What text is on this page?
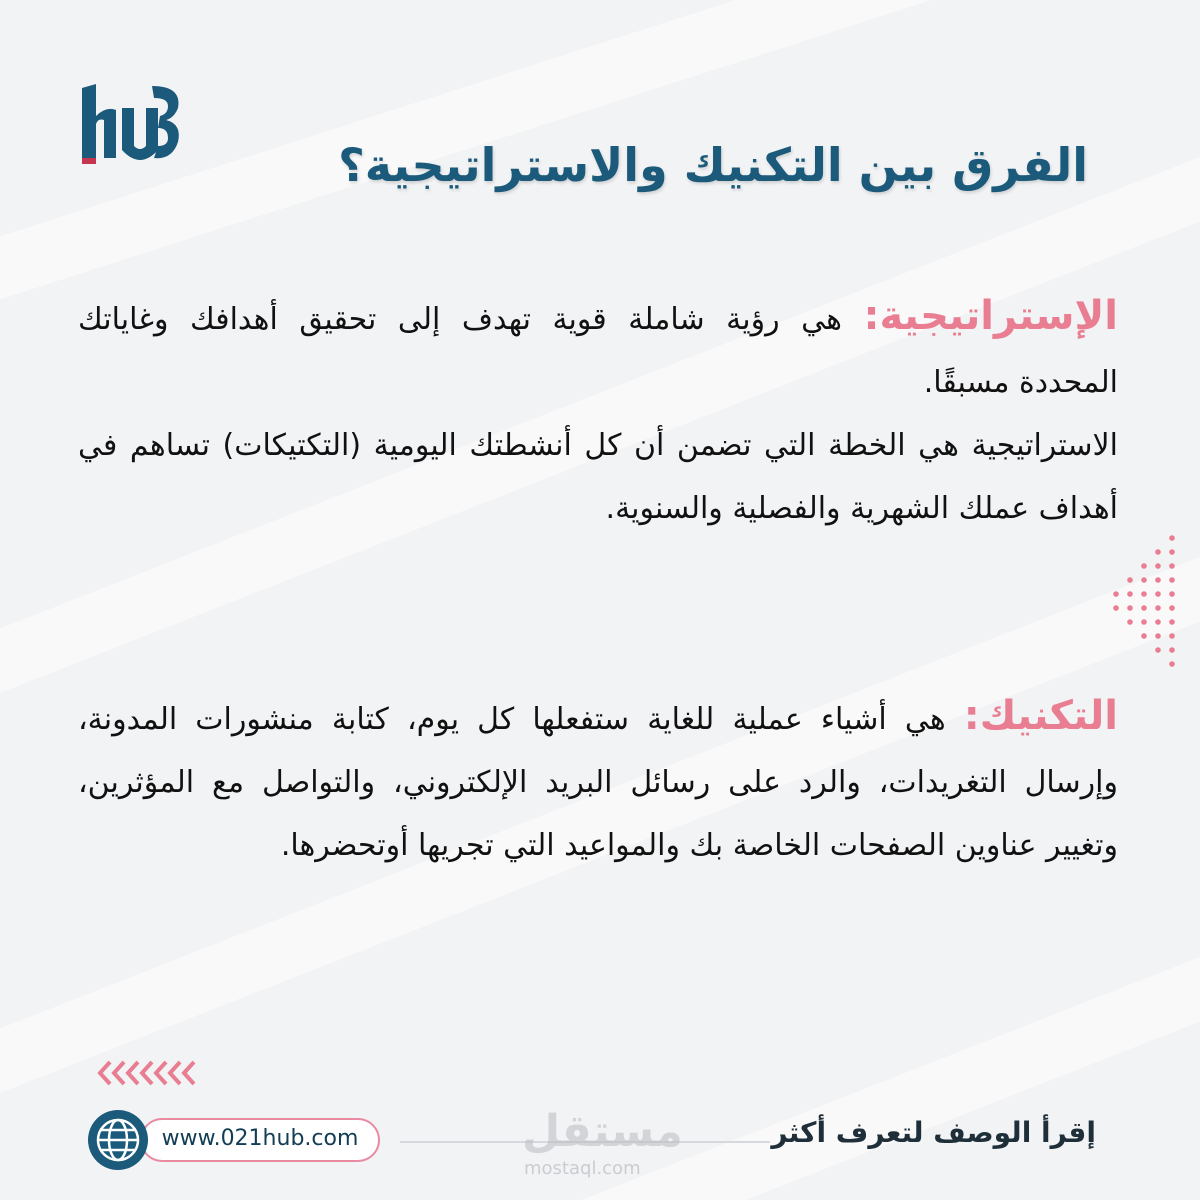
الفرق بين التكنيك والاستراتيجية؟
الإستراتيجية: هي رؤية شاملة قوية تهدف إلى تحقيق أهدافك وغاياتك المحددة مسبقًا.
الاستراتيجية هي الخطة التي تضمن أن كل أنشطتك اليومية (التكتيكات) تساهم في أهداف عملك الشهرية والفصلية والسنوية.
التكنيك: هي أشياء عملية للغاية ستفعلها كل يوم، كتابة منشورات المدونة، وإرسال التغريدات، والرد على رسائل البريد الإلكتروني، والتواصل مع المؤثرين، وتغيير عناوين الصفحات الخاصة بك والمواعيد التي تجريها أوتحضرها.
www.021hub.com	مستقل
mostaql.com
إقرأ الوصف لتعرف أكثر
